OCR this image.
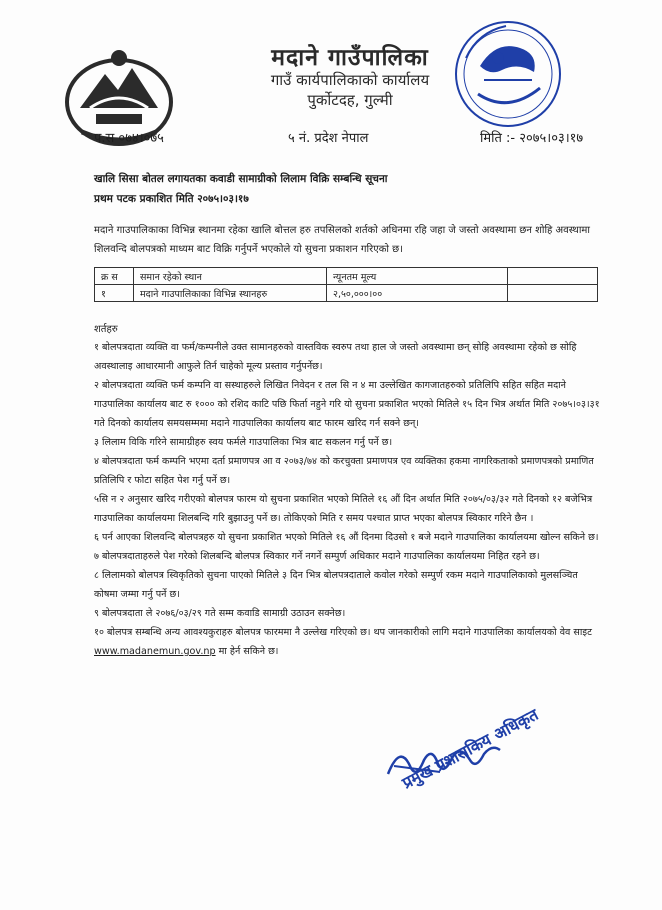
मदाने गाउँपालिका
गाउँ कार्यपालिकाको कार्यालय
पुर्कोटदह, गुल्मी
प.स ०७४।०७५	५ नं. प्रदेश नेपाल	मिति :- २०७५।०३।१७
खालि सिसा बोतल लगायतका कवाडी सामाग्रीको लिलाम विक्रि सम्बन्धि सूचना
प्रथम पटक प्रकाशित मिति २०७५।०३।१७
मदाने गाउपालिकाका विभिन्न स्थानमा रहेका खालि बोत्तल हरु तपसिलको शर्तको अधिनमा रहि जहा जे जस्तो अवस्थामा छन शोहि अवस्थामा शिलवन्दि बोलपत्रको माध्यम बाट विक्रि गर्नुपर्ने भएकोले यो सुचना प्रकाशन गरिएको छ।
क्र स	समान रहेको स्थान	न्यूनतम मूल्य	
१	मदाने गाउपालिकाका विभिन्न स्थानहरु	२,५०,०००।००	
शर्तहरु

१ बोलपत्रदाता व्यक्ति वा फर्म/कम्पनीले उक्त सामानहरुको वास्तविक स्वरुप तथा हाल जे जस्तो अवस्थामा छन् सोहि अवस्थामा रहेको छ सोहि अवस्थालाइ आधारमानी आफुले तिर्न चाहेको मूल्य प्रस्ताव गर्नुपर्नेछ।

२ बोलपत्रदाता व्यक्ति फर्म कम्पनि वा सस्थाहरुले लिखित निवेदन र तल सि न ४ मा उल्लेखित कागजातहरुको प्रतिलिपि सहित सहित मदाने गाउपालिका कार्यालय बाट रु १००० को रशिद काटि पछि फिर्ता नहुने गरि यो सुचना प्रकाशित भएको मितिले १५ दिन भित्र अर्थात मिति २०७५।०३।३१ गते दिनको कार्यालय समयसम्ममा मदाने गाउपालिका कार्यालय बाट फारम खरिद गर्न सक्ने छन्।

३ लिलाम विकि गरिने सामाग्रीहरु स्वय फर्मले गाउपालिका भित्र बाट सकलन गर्नु पर्ने छ।

४ बोलपत्रदाता फर्म कम्पनि भएमा दर्ता प्रमाणपत्र आ व २०७३/७४ को करचुक्ता प्रमाणपत्र एव व्यक्तिका हकमा नागरिकताको प्रमाणपत्रको प्रमाणित प्रतिलिपि र फोटा सहित पेश गर्नु पर्ने छ।

५सि न २ अनुसार खरिद गरीएको बोलपत्र फारम यो सुचना प्रकाशित भएको मितिले १६ औं दिन अर्थात मिति २०७५/०३/३२ गते दिनको १२ बजेभित्र गाउपालिका कार्यालयमा शिलबन्दि गरि बुझाउनु पर्ने छ। तोकिएको मिति र समय पश्चात प्राप्त भएका बोलपत्र स्विकार गरिने छैन ।

६ पर्न आएका शिलवन्दि बोलपत्रहरु यो सुचना प्रकाशित भएको मितिले १६ औं दिनमा दिउसो १ बजे मदाने गाउपालिका कार्यालयमा खोल्न सकिने छ।

७ बोलपत्रदाताहरुले पेश गरेको शिलबन्दि बोलपत्र स्विकार गर्ने नगर्ने सम्पुर्ण अधिकार मदाने गाउपालिका कार्यालयमा निहित रहने छ।

८ लिलामको बोलपत्र स्विकृतिको सुचना पाएको मितिले ३ दिन भित्र बोलपत्रदाताले कवोल गरेको सम्पुर्ण रकम मदाने गाउपालिकाको मुलसञ्चित कोषमा जम्मा गर्नु पर्ने छ।

९ बोलपत्रदाता ले २०७६/०३/२९ गते सम्म कवाडि सामाग्री उठाउन सक्नेछ।

१० बोलपत्र सम्बन्धि अन्य आवश्यकुराहरु बोलपत्र फारममा नै उल्लेख गरिएको छ। थप जानकारीको लागि मदाने गाउपालिका कार्यालयको वेव साइट www.madanemun.gov.np मा हेर्न सकिने छ।

प्रमुख प्रशासकिय अधिकृत
